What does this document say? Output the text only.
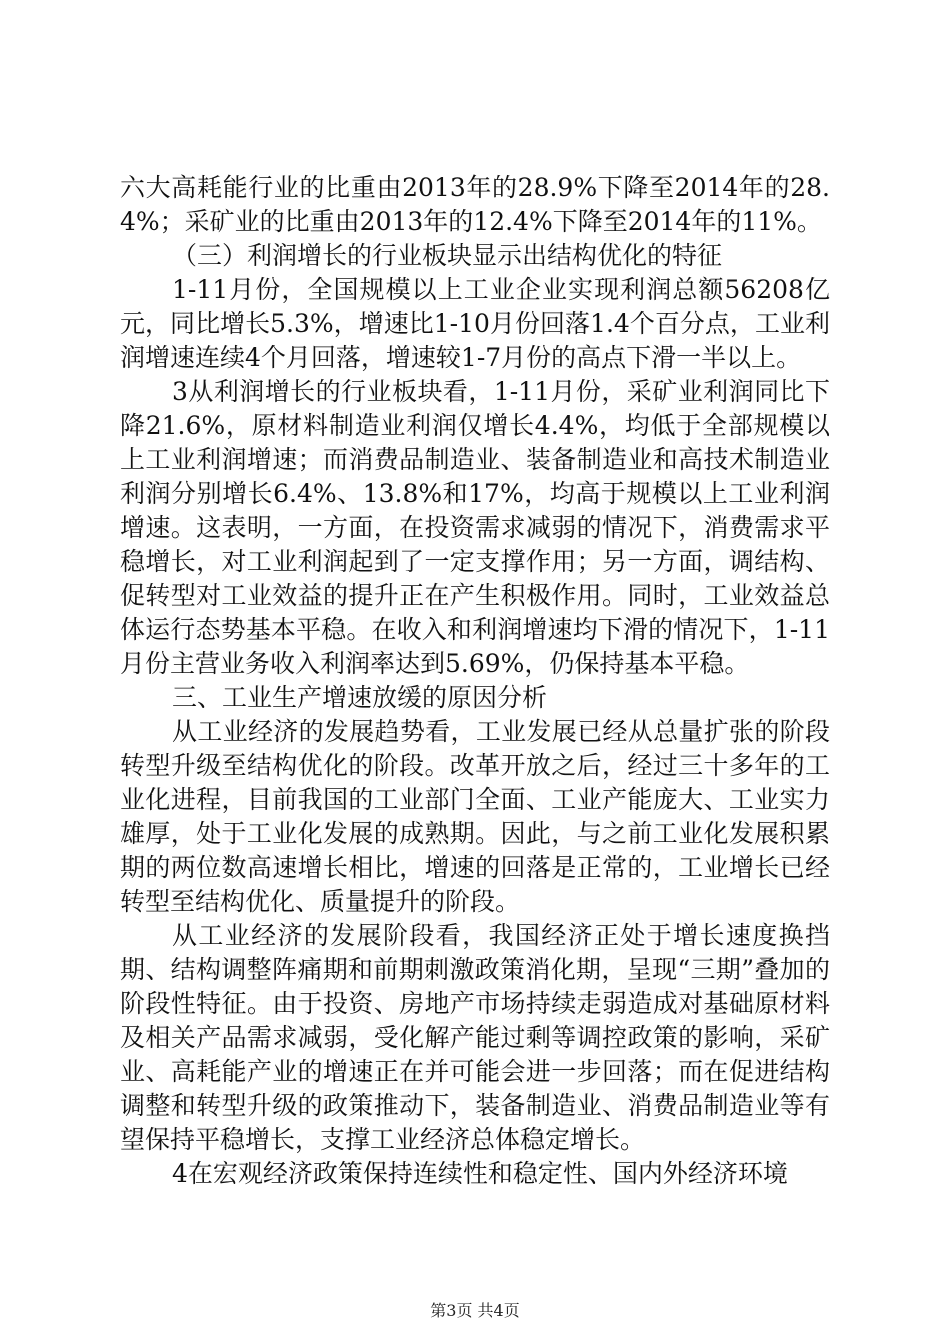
六大高耗能行业的比重由2013年的28.9%下降至2014年的28.4%；采矿业的比重由2013年的12.4%下降至2014年的11%。

（三）利润增长的行业板块显示出结构优化的特征

1-11月份，全国规模以上工业企业实现利润总额56208亿元，同比增长5.3%，增速比1-10月份回落1.4个百分点，工业利润增速连续4个月回落，增速较1-7月份的高点下滑一半以上。

3从利润增长的行业板块看，1-11月份，采矿业利润同比下降21.6%，原材料制造业利润仅增长4.4%，均低于全部规模以上工业利润增速；而消费品制造业、装备制造业和高技术制造业利润分别增长6.4%、13.8%和17%，均高于规模以上工业利润增速。这表明，一方面，在投资需求减弱的情况下，消费需求平稳增长，对工业利润起到了一定支撑作用；另一方面，调结构、促转型对工业效益的提升正在产生积极作用。同时，工业效益总体运行态势基本平稳。在收入和利润增速均下滑的情况下，1-11月份主营业务收入利润率达到5.69%，仍保持基本平稳。

三、工业生产增速放缓的原因分析

从工业经济的发展趋势看，工业发展已经从总量扩张的阶段转型升级至结构优化的阶段。改革开放之后，经过三十多年的工业化进程，目前我国的工业部门全面、工业产能庞大、工业实力雄厚，处于工业化发展的成熟期。因此，与之前工业化发展积累期的两位数高速增长相比，增速的回落是正常的，工业增长已经转型至结构优化、质量提升的阶段。

从工业经济的发展阶段看，我国经济正处于增长速度换挡期、结构调整阵痛期和前期刺激政策消化期，呈现“三期”叠加的阶段性特征。由于投资、房地产市场持续走弱造成对基础原材料及相关产品需求减弱，受化解产能过剩等调控政策的影响，采矿业、高耗能产业的增速正在并可能会进一步回落；而在促进结构调整和转型升级的政策推动下，装备制造业、消费品制造业等有望保持平稳增长，支撑工业经济总体稳定增长。

4在宏观经济政策保持连续性和稳定性、国内外经济环境

第3页 共4页
